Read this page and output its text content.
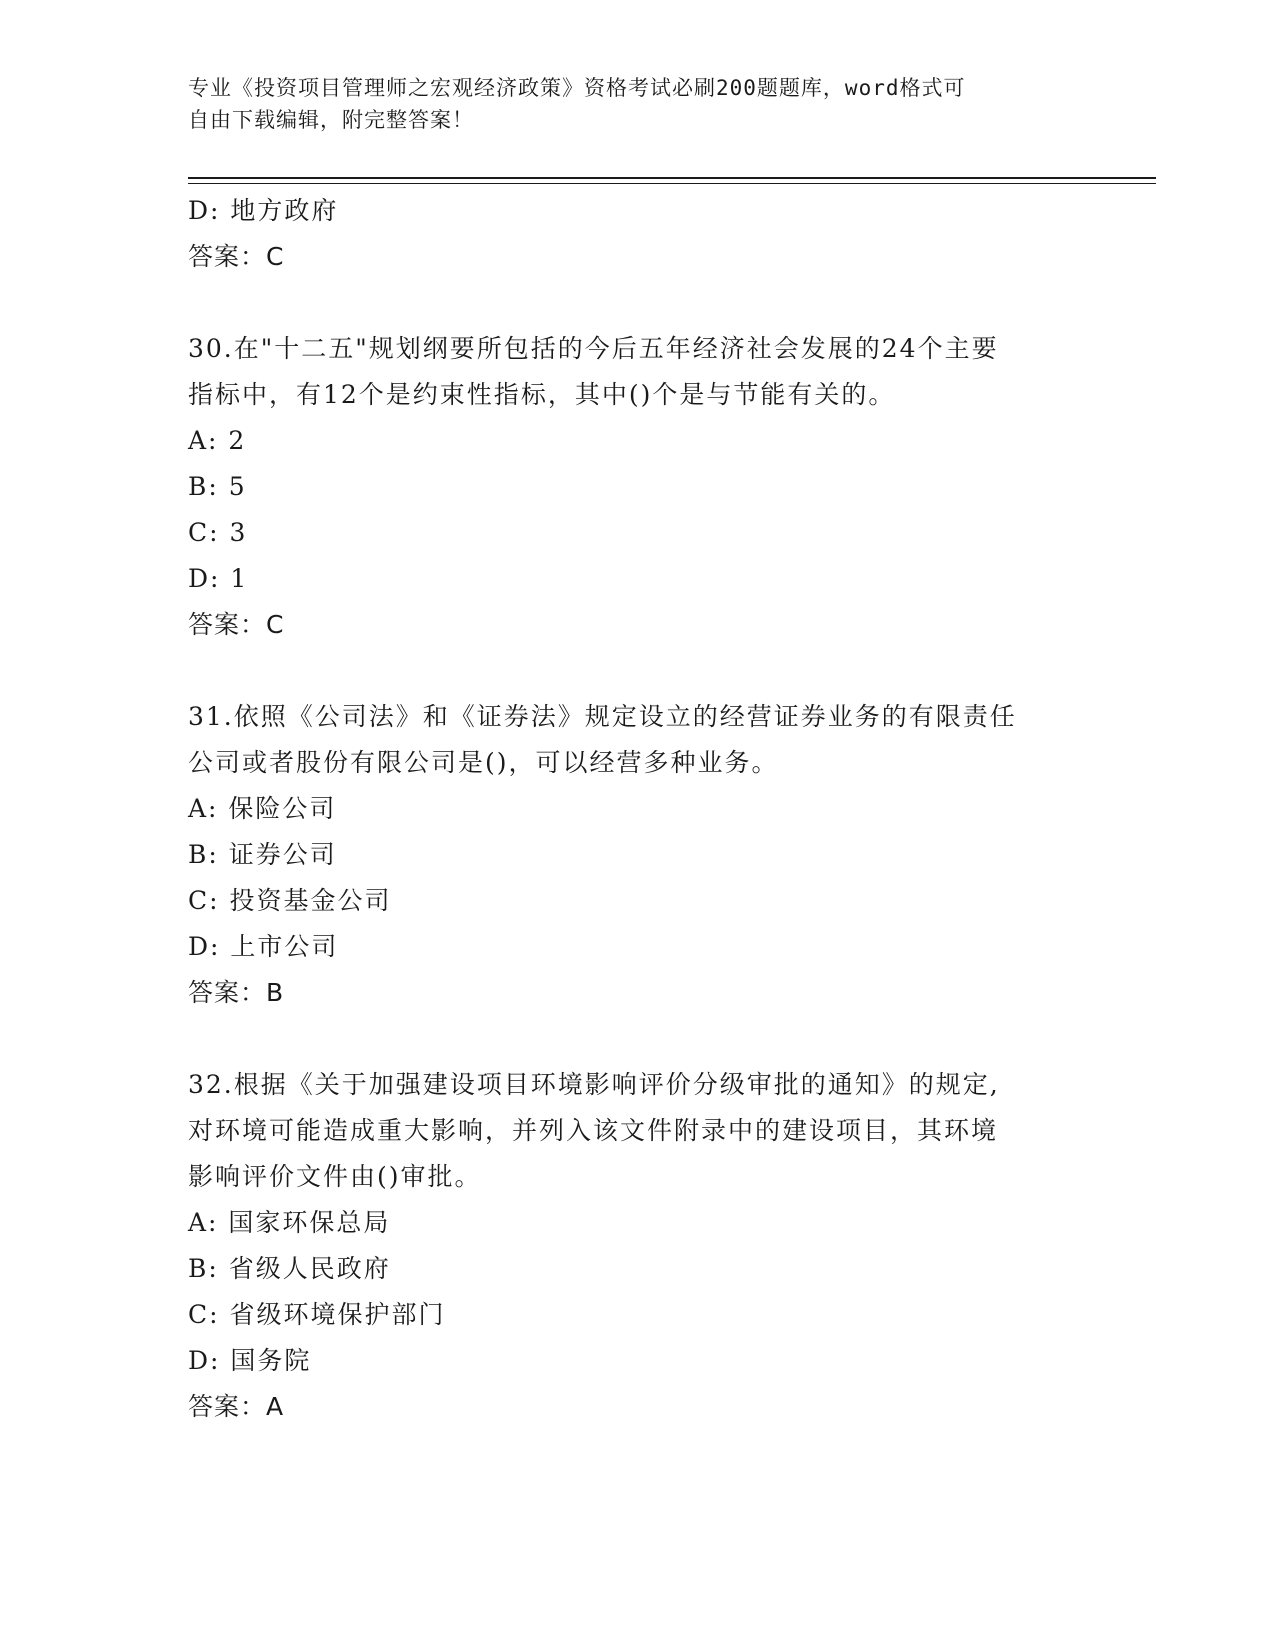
专业《投资项目管理师之宏观经济政策》资格考试必刷200题题库，word格式可
自由下载编辑，附完整答案！
D: 地方政府
答案：C
30.在"十二五"规划纲要所包括的今后五年经济社会发展的24个主要
指标中，有12个是约束性指标，其中()个是与节能有关的。
A: 2
B: 5
C: 3
D: 1
答案：C
31.依照《公司法》和《证券法》规定设立的经营证券业务的有限责任
公司或者股份有限公司是()，可以经营多种业务。
A: 保险公司
B: 证券公司
C: 投资基金公司
D: 上市公司
答案：B
32.根据《关于加强建设项目环境影响评价分级审批的通知》的规定,
对环境可能造成重大影响，并列入该文件附录中的建设项目，其环境
影响评价文件由()审批。
A: 国家环保总局
B: 省级人民政府
C: 省级环境保护部门
D: 国务院
答案：A
